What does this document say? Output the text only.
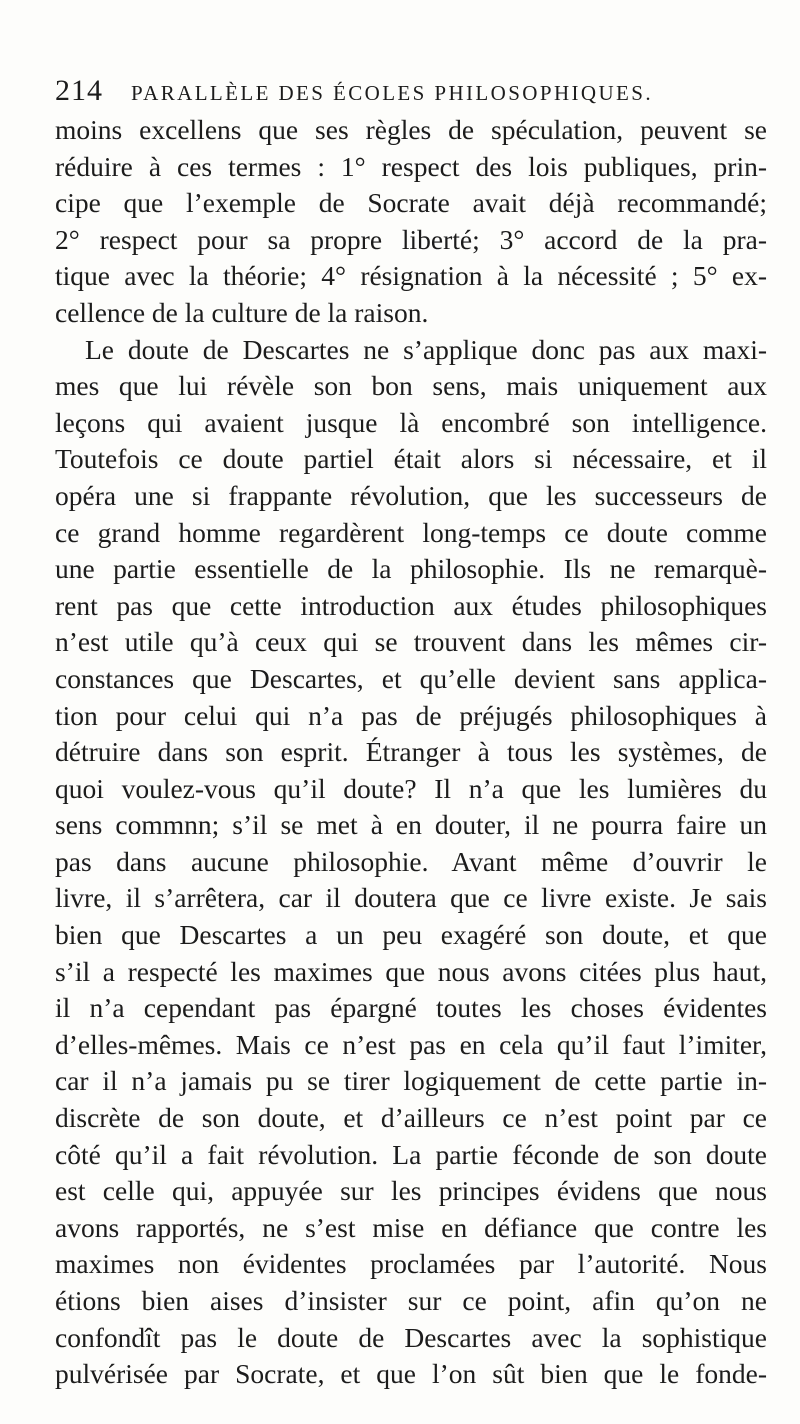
214 PARALLÈLE DES ÉCOLES PHILOSOPHIQUES.
moins excellens que ses règles de spéculation, peuvent se
réduire à ces termes : 1° respect des lois publiques, prin-
cipe que l’exemple de Socrate avait déjà recommandé;
2° respect pour sa propre liberté; 3° accord de la pra-
tique avec la théorie; 4° résignation à la nécessité ; 5° ex-
cellence de la culture de la raison.
Le doute de Descartes ne s’applique donc pas aux maxi-
mes que lui révèle son bon sens, mais uniquement aux
leçons qui avaient jusque là encombré son intelligence.
Toutefois ce doute partiel était alors si nécessaire, et il
opéra une si frappante révolution, que les successeurs de
ce grand homme regardèrent long-temps ce doute comme
une partie essentielle de la philosophie. Ils ne remarquè-
rent pas que cette introduction aux études philosophiques
n’est utile qu’à ceux qui se trouvent dans les mêmes cir-
constances que Descartes, et qu’elle devient sans applica-
tion pour celui qui n’a pas de préjugés philosophiques à
détruire dans son esprit. Étranger à tous les systèmes, de
quoi voulez-vous qu’il doute? Il n’a que les lumières du
sens commnn; s’il se met à en douter, il ne pourra faire un
pas dans aucune philosophie. Avant même d’ouvrir le
livre, il s’arrêtera, car il doutera que ce livre existe. Je sais
bien que Descartes a un peu exagéré son doute, et que
s’il a respecté les maximes que nous avons citées plus haut,
il n’a cependant pas épargné toutes les choses évidentes
d’elles-mêmes. Mais ce n’est pas en cela qu’il faut l’imiter,
car il n’a jamais pu se tirer logiquement de cette partie in-
discrète de son doute, et d’ailleurs ce n’est point par ce
côté qu’il a fait révolution. La partie féconde de son doute
est celle qui, appuyée sur les principes évidens que nous
avons rapportés, ne s’est mise en défiance que contre les
maximes non évidentes proclamées par l’autorité. Nous
étions bien aises d’insister sur ce point, afin qu’on ne
confondît pas le doute de Descartes avec la sophistique
pulvérisée par Socrate, et que l’on sût bien que le fonde-
